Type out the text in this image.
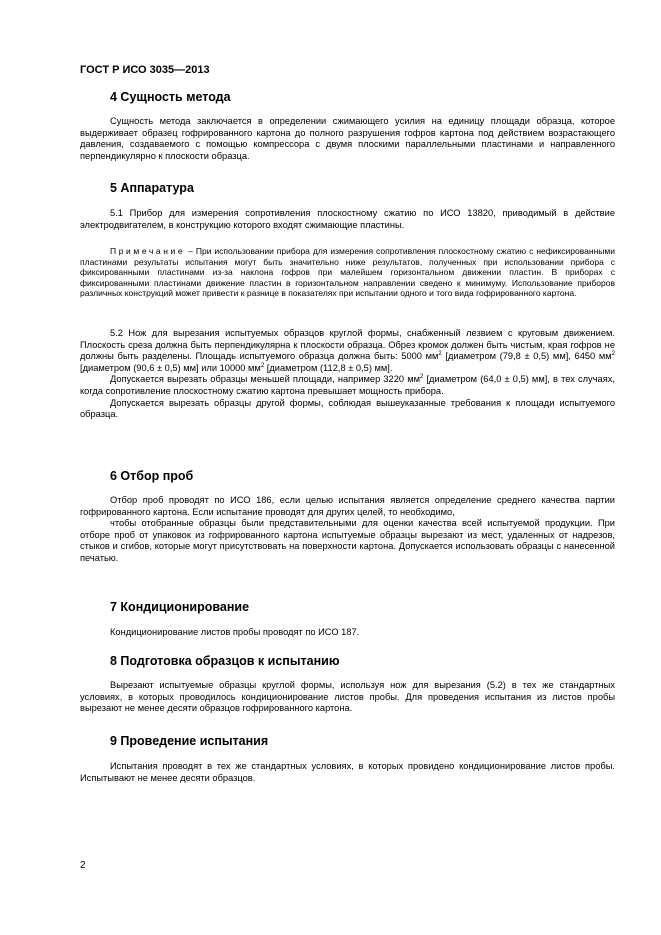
ГОСТ Р ИСО 3035—2013
4 Сущность метода

Сущность метода заключается в определении сжимающего усилия на единицу площади образца, которое выдерживает образец гофрированного картона до полного разрушения гофров картона под действием возрастающего давления, создаваемого с помощью компрессора с двумя плоскими параллельными пластинами и направленного перпендикулярно к плоскости образца.

5 Аппаратура

5.1 Прибор для измерения сопротивления плоскостному сжатию по ИСО 13820, приводимый в действие электродвигателем, в конструкцию которого входят сжимающие пластины.

Примечание – При использовании прибора для измерения сопротивления плоскостному сжатию с нефиксированными пластинами результаты испытания могут быть значительно ниже результатов, полученных при использовании прибора с фиксированными пластинами из-за наклона гофров при малейшем горизонтальном движении пластин. В приборах с фиксированными пластинами движение пластин в горизонтальном направлении сведено к минимуму. Использование приборов различных конструкций может привести к разнице в показателях при испытании одного и того вида гофрированного картона.

5.2 Нож для вырезания испытуемых образцов круглой формы, снабженный лезвием с круговым движением. Плоскость среза должна быть перпендикулярна к плоскости образца. Обрез кромок должен быть чистым, края гофров не должны быть разделены. Площадь испытуемого образца должна быть: 5000 $мм^2$ [диаметром (79,8 ± 0,5) мм], 6450 $мм^2$ [диаметром (90,6 ± 0,5) мм] или 10000 $мм^2$ [диаметром (112,8 ± 0,5) мм].

Допускается вырезать образцы меньшей площади, например 3220 $мм^2$ [диаметром (64,0 ± 0,5) мм], в тех случаях, когда сопротивление плоскостному сжатию картона превышает мощность прибора.

Допускается вырезать образцы другой формы, соблюдая вышеуказанные требования к площади испытуемого образца.

6 Отбор проб

Отбор проб проводят по ИСО 186, если целью испытания является определение среднего качества партии гофрированного картона. Если испытание проводят для других целей, то необходимо,

чтобы отобранные образцы были представительными для оценки качества всей испытуемой продукции. При отборе проб от упаковок из гофрированного картона испытуемые образцы вырезают из мест, удаленных от надрезов, стыков и сгибов, которые могут присутствовать на поверхности картона. Допускается использовать образцы с нанесенной печатью.

7 Кондиционирование

Кондиционирование листов пробы проводят по ИСО 187.

8 Подготовка образцов к испытанию

Вырезают испытуемые образцы круглой формы, используя нож для вырезания (5.2) в тех же стандартных условиях, в которых проводилось кондиционирование листов пробы. Для проведения испытания из листов пробы вырезают не менее десяти образцов гофрированного картона.

9 Проведение испытания

Испытания проводят в тех же стандартных условиях, в которых провидено кондиционирование листов пробы. Испытывают не менее десяти образцов.

2
